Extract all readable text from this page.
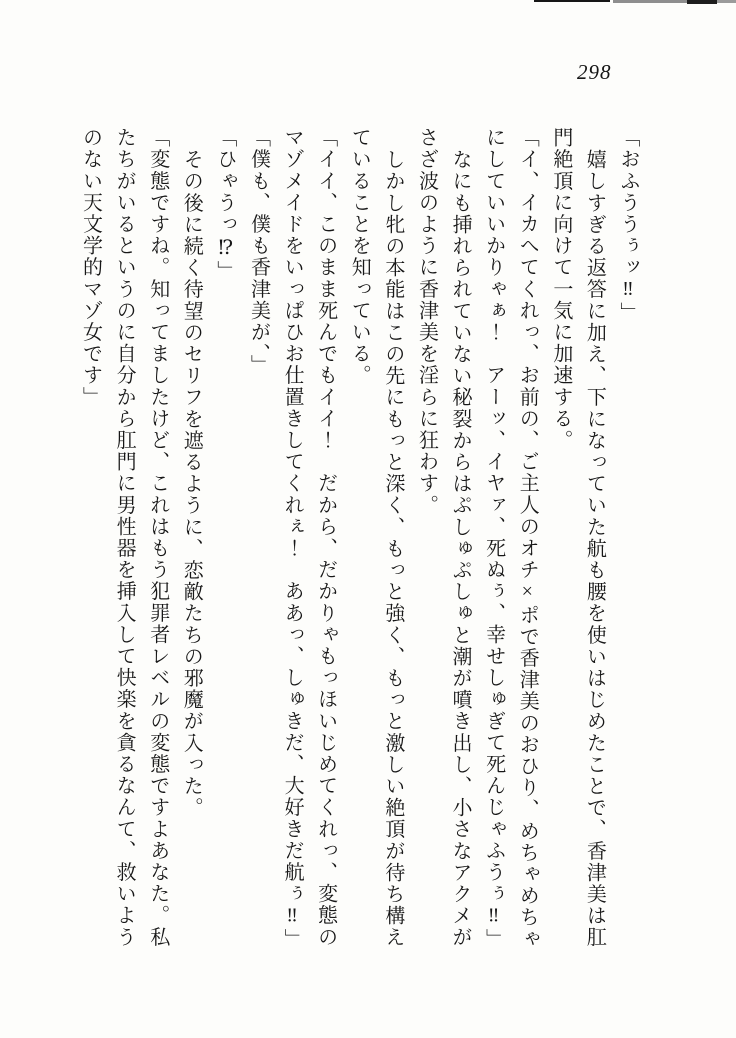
298

「おふううぅッ‼」

嬉しすぎる返答に加え、下になっていた航も腰を使いはじめたことで、香津美は肛門絶頂に向けて一気に加速する。

「イ、イカへてくれっ、お前の、ご主人のオチ×ポで香津美のおひり、めちゃめちゃにしていいかりゃぁ！　アーッ、イヤァ、死ぬぅ、幸せしゅぎて死んじゃふうぅ‼」

なにも挿れられていない秘裂からはぷしゅぷしゅと潮が噴き出し、小さなアクメがさざ波のように香津美を淫らに狂わす。

しかし牝の本能はこの先にもっと深く、もっと強く、もっと激しい絶頂が待ち構えていることを知っている。

「イイ、このまま死んでもイイ！　だから、だかりゃもっほいじめてくれっ、変態のマゾメイドをいっぱひお仕置きしてくれぇ！　ああっ、しゅきだ、大好きだ航ぅ‼」

「僕も、僕も香津美が、」

「ひゃうっ⁉」

その後に続く待望のセリフを遮るように、恋敵たちの邪魔が入った。

「変態ですね。知ってましたけど、これはもう犯罪者レベルの変態ですよあなた。私たちがいるというのに自分から肛門に男性器を挿入して快楽を貪るなんて、救いようのない天文学的マゾ女です」
